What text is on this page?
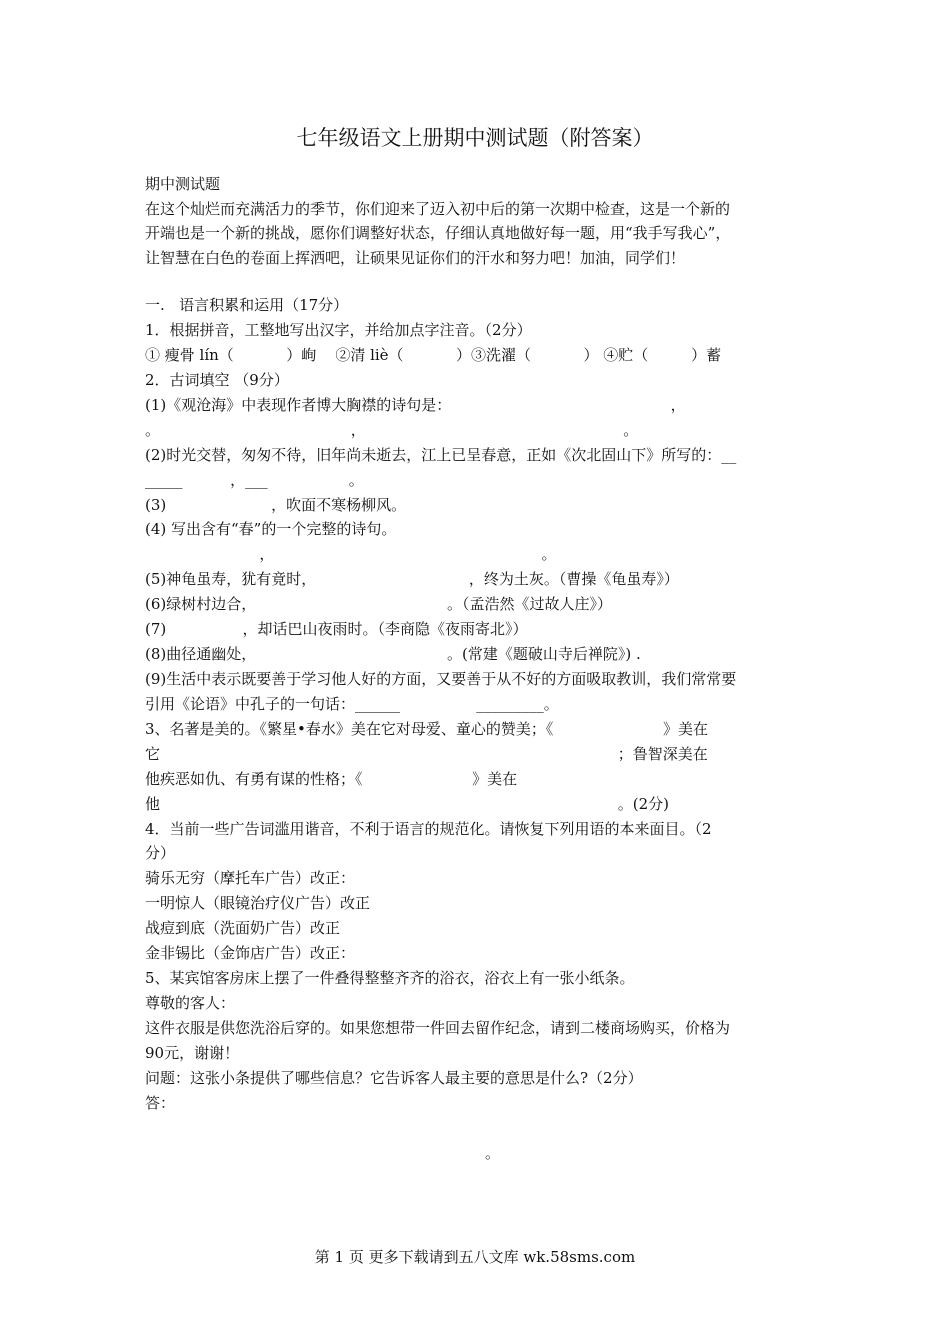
七年级语文上册期中测试题（附答案）
期中测试题
在这个灿烂而充满活力的季节，你们迎来了迈入初中后的第一次期中检查，这是一个新的
开端也是一个新的挑战，愿你们调整好状态，仔细认真地做好每一题，用“我手写我心”，
让智慧在白色的卷面上挥洒吧，让硕果见证你们的汗水和努力吧！加油，同学们！
一.   语言积累和运用（17分）
1．根据拼音，工整地写出汉字，并给加点字注音。（2分）
① 瘦骨 lín（           ）峋    ②清 liè（           ）③洗濯（           ） ④贮（         ）蓄
2．古词填空 （9分）
(1)《观沧海》中表现作者博大胸襟的诗句是：                                              ，
。                                        ，                                                      。
(2)时光交替，匆匆不待，旧年尚未逝去，江上已呈春意，正如《次北固山下》所写的：__
_____          ，___                 。
(3)                      ，吹面不寒杨柳风。
(4) 写出含有“春”的一个完整的诗句。
，                                                        。
(5)神龟虽寿，犹有竟时，                                ，终为土灰。（曹操《龟虽寿》）
(6)绿树村边合，                                        。（孟浩然《过故人庄》）
(7)                ，却话巴山夜雨时。（李商隐《夜雨寄北》）
(8)曲径通幽处，                                        。(常建《题破山寺后禅院》) .
(9)生活中表示既要善于学习他人好的方面，又要善于从不好的方面吸取教训，我们常常要
引用《论语》中孔子的一句话：______                _________。
3、名著是美的。《繁星•春水》美在它对母爱、童心的赞美；《                       》美在
它                                                                                                ；鲁智深美在
他疾恶如仇、有勇有谋的性格；《                       》美在
他                                                                                                。(2分)
4．当前一些广告词滥用谐音，不利于语言的规范化。请恢复下列用语的本来面目。（2
分）
骑乐无穷（摩托车广告）改正：
一明惊人（眼镜治疗仪广告）改正
战痘到底（洗面奶广告）改正
金非锡比（金饰店广告）改正：
5、某宾馆客房床上摆了一件叠得整整齐齐的浴衣，浴衣上有一张小纸条。
尊敬的客人：
这件衣服是供您洗浴后穿的。如果您想带一件回去留作纪念，请到二楼商场购买，价格为
90元，谢谢！
问题：这张小条提供了哪些信息？它告诉客人最主要的意思是什么?（2分）
答：
。
第 1 页 更多下载请到五八文库 wk.58sms.com
